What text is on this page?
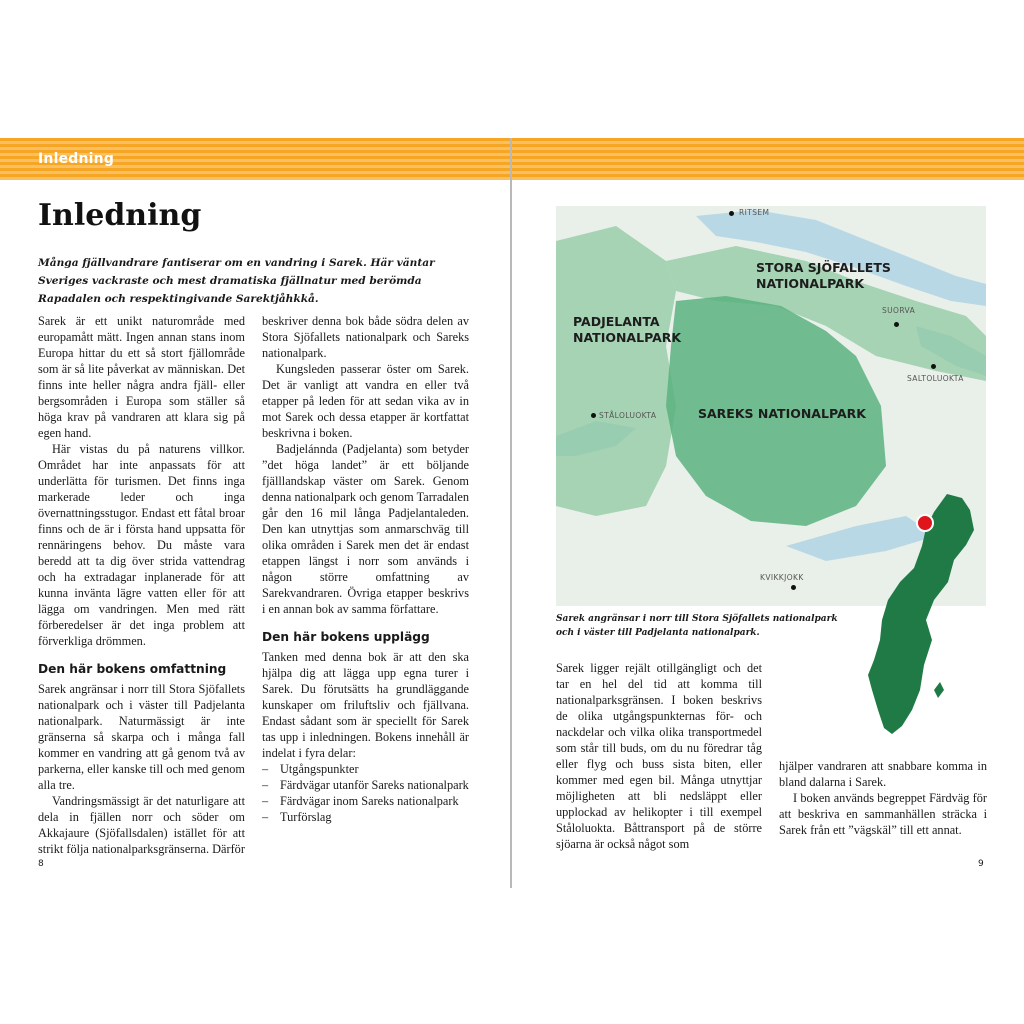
Inledning
Inledning
Många fjällvandrare fantiserar om en vandring i Sarek. Här väntar Sveriges vackraste och mest dramatiska fjällnatur med berömda Rapadalen och respektingivande Sarektjåhkkå.

Sarek är ett unikt naturområde med europamått mätt. Ingen annan stans inom Europa hittar du ett så stort fjällområde som är så lite påverkat av människan. Det finns inte heller några andra fjäll- eller bergsområden i Europa som ställer så höga krav på vandraren att klara sig på egen hand.

Här vistas du på naturens villkor. Området har inte anpassats för att underlätta för turismen. Det finns inga markerade leder och inga övernattningsstugor. Endast ett fåtal broar finns och de är i första hand uppsatta för rennäringens behov. Du måste vara beredd att ta dig över strida vattendrag och ha extradagar inplanerade för att kunna invänta lägre vatten eller för att lägga om vandringen. Men med rätt förberedelser är det inga problem att förverkliga drömmen.

Den här bokens omfattning

Sarek angränsar i norr till Stora Sjöfallets nationalpark och i väster till Padjelanta nationalpark. Naturmässigt är inte gränserna så skarpa och i många fall kommer en vandring att gå genom två av parkerna, eller kanske till och med genom alla tre.

Vandringsmässigt är det naturligare att dela in fjällen norr och söder om Akkajaure (Sjöfallsdalen) istället för att strikt följa nationalparksgränserna. Därför

beskriver denna bok både södra delen av Stora Sjöfallets nationalpark och Sareks nationalpark.

Kungsleden passerar öster om Sarek. Det är vanligt att vandra en eller två etapper på leden för att sedan vika av in mot Sarek och dessa etapper är kortfattat beskrivna i boken.

Badjelánnda (Padjelanta) som betyder ”det höga landet” är ett böljande fjälllandskap väster om Sarek. Genom denna nationalpark och genom Tarradalen går den 16 mil långa Padjelantaleden. Den kan utnyttjas som anmarschväg till olika områden i Sarek men det är endast etappen längst i norr som används i någon större omfattning av Sarekvandraren. Övriga etapper beskrivs i en annan bok av samma författare.

Den här bokens upplägg

Tanken med denna bok är att den ska hjälpa dig att lägga upp egna turer i Sarek. Du förutsätts ha grundläggande kunskaper om friluftsliv och fjällvana. Endast sådant som är speciellt för Sarek tas upp i inledningen. Bokens innehåll är indelat i fyra delar:

– Utgångspunkter
– Färdvägar utanför Sareks nationalpark
– Färdvägar inom Sareks nationalpark
– Turförslag
8
STORA SJÖFALLETS NATIONALPARK
PADJELANTA NATIONALPARK
SAREKS NATIONALPARK
RITSEM
SUORVA
SALTOLUOKTA
STÅLOLUOKTA
KVIKKJOKK
Sarek angränsar i norr till Stora Sjöfallets nationalpark och i väster till Padjelanta nationalpark.

Sarek ligger rejält otillgängligt och det tar en hel del tid att komma till nationalparksgränsen. I boken beskrivs de olika utgångspunkternas för- och nackdelar och vilka olika transportmedel som står till buds, om du nu föredrar tåg eller flyg och buss sista biten, eller kommer med egen bil. Många utnyttjar möjligheten att bli nedsläppt eller upplockad av helikopter i till exempel Ståloluokta. Båttransport på de större sjöarna är också något som

hjälper vandraren att snabbare komma in bland dalarna i Sarek.

I boken används begreppet Färdväg för att beskriva en sammanhällen sträcka i Sarek från ett ”vägskäl” till ett annat.

9
